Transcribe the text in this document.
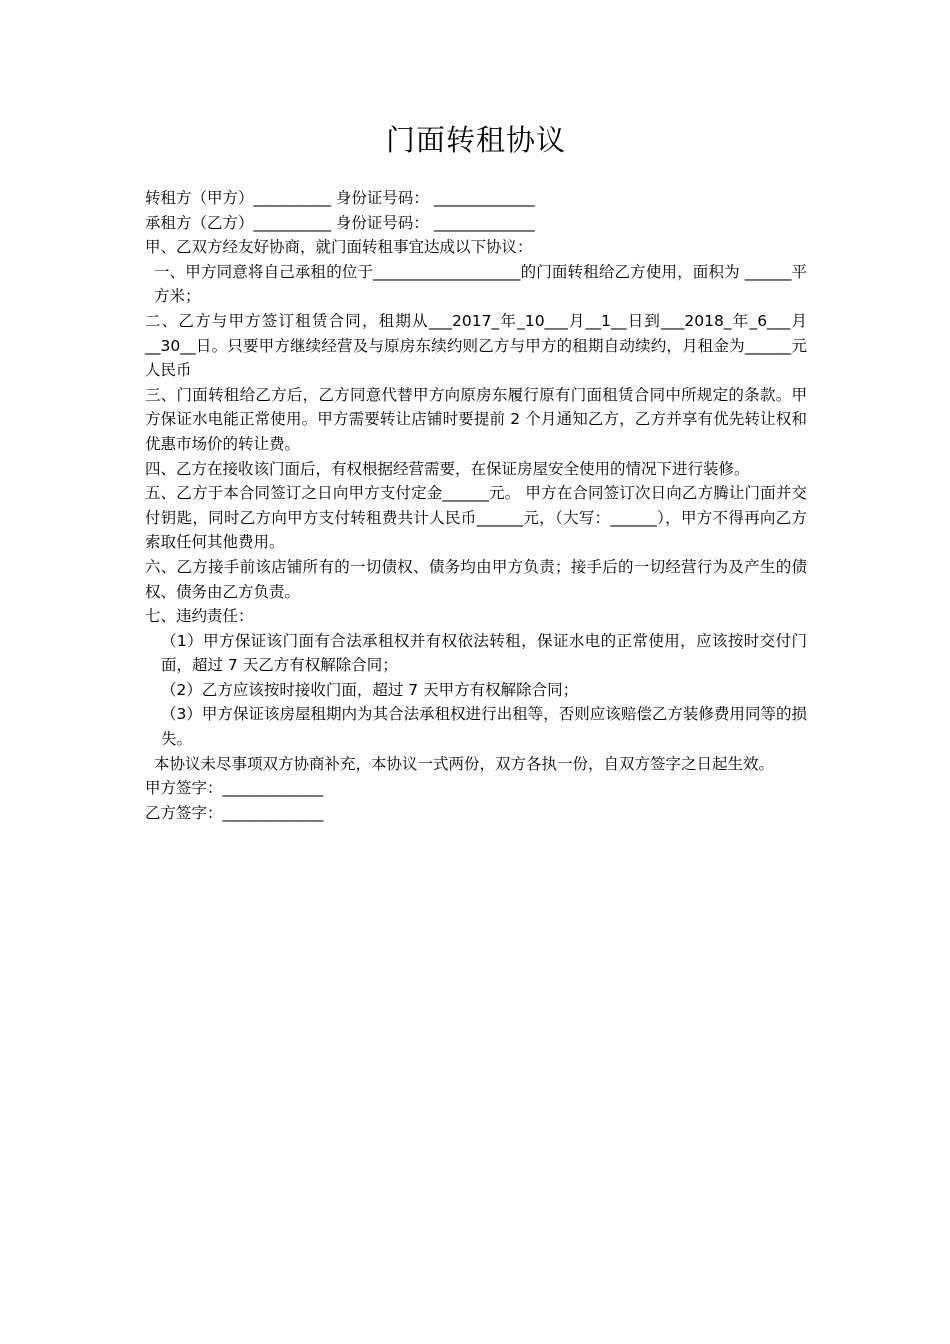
门面转租协议

转租方（甲方）__________ 身份证号码： _____________

承租方（乙方）__________ 身份证号码： _____________

甲、乙双方经友好协商，就门面转租事宜达成以下协议：

一、甲方同意将自己承租的位于___________________的门面转租给乙方使用，面积为 ______平方米；

二、乙方与甲方签订租赁合同，租期从___2017_年_10___月__1__日到___2018_年_6___月__30__日。只要甲方继续经营及与原房东续约则乙方与甲方的租期自动续约，月租金为______元人民币

三、门面转租给乙方后，乙方同意代替甲方向原房东履行原有门面租赁合同中所规定的条款。甲方保证水电能正常使用。甲方需要转让店铺时要提前 2 个月通知乙方，乙方并享有优先转让权和优惠市场价的转让费。

四、乙方在接收该门面后，有权根据经营需要，在保证房屋安全使用的情况下进行装修。

五、乙方于本合同签订之日向甲方支付定金______元。 甲方在合同签订次日向乙方腾让门面并交付钥匙，同时乙方向甲方支付转租费共计人民币______元，（大写：______），甲方不得再向乙方索取任何其他费用。

六、乙方接手前该店铺所有的一切债权、债务均由甲方负责；接手后的一切经营行为及产生的债权、债务由乙方负责。

七、违约责任：

（1）甲方保证该门面有合法承租权并有权依法转租，保证水电的正常使用，应该按时交付门面，超过 7 天乙方有权解除合同；

（2）乙方应该按时接收门面，超过 7 天甲方有权解除合同；

（3）甲方保证该房屋租期内为其合法承租权进行出租等，否则应该赔偿乙方装修费用同等的损失。

本协议未尽事项双方协商补充，本协议一式两份，双方各执一份，自双方签字之日起生效。

甲方签字：_____________

乙方签字：_____________
